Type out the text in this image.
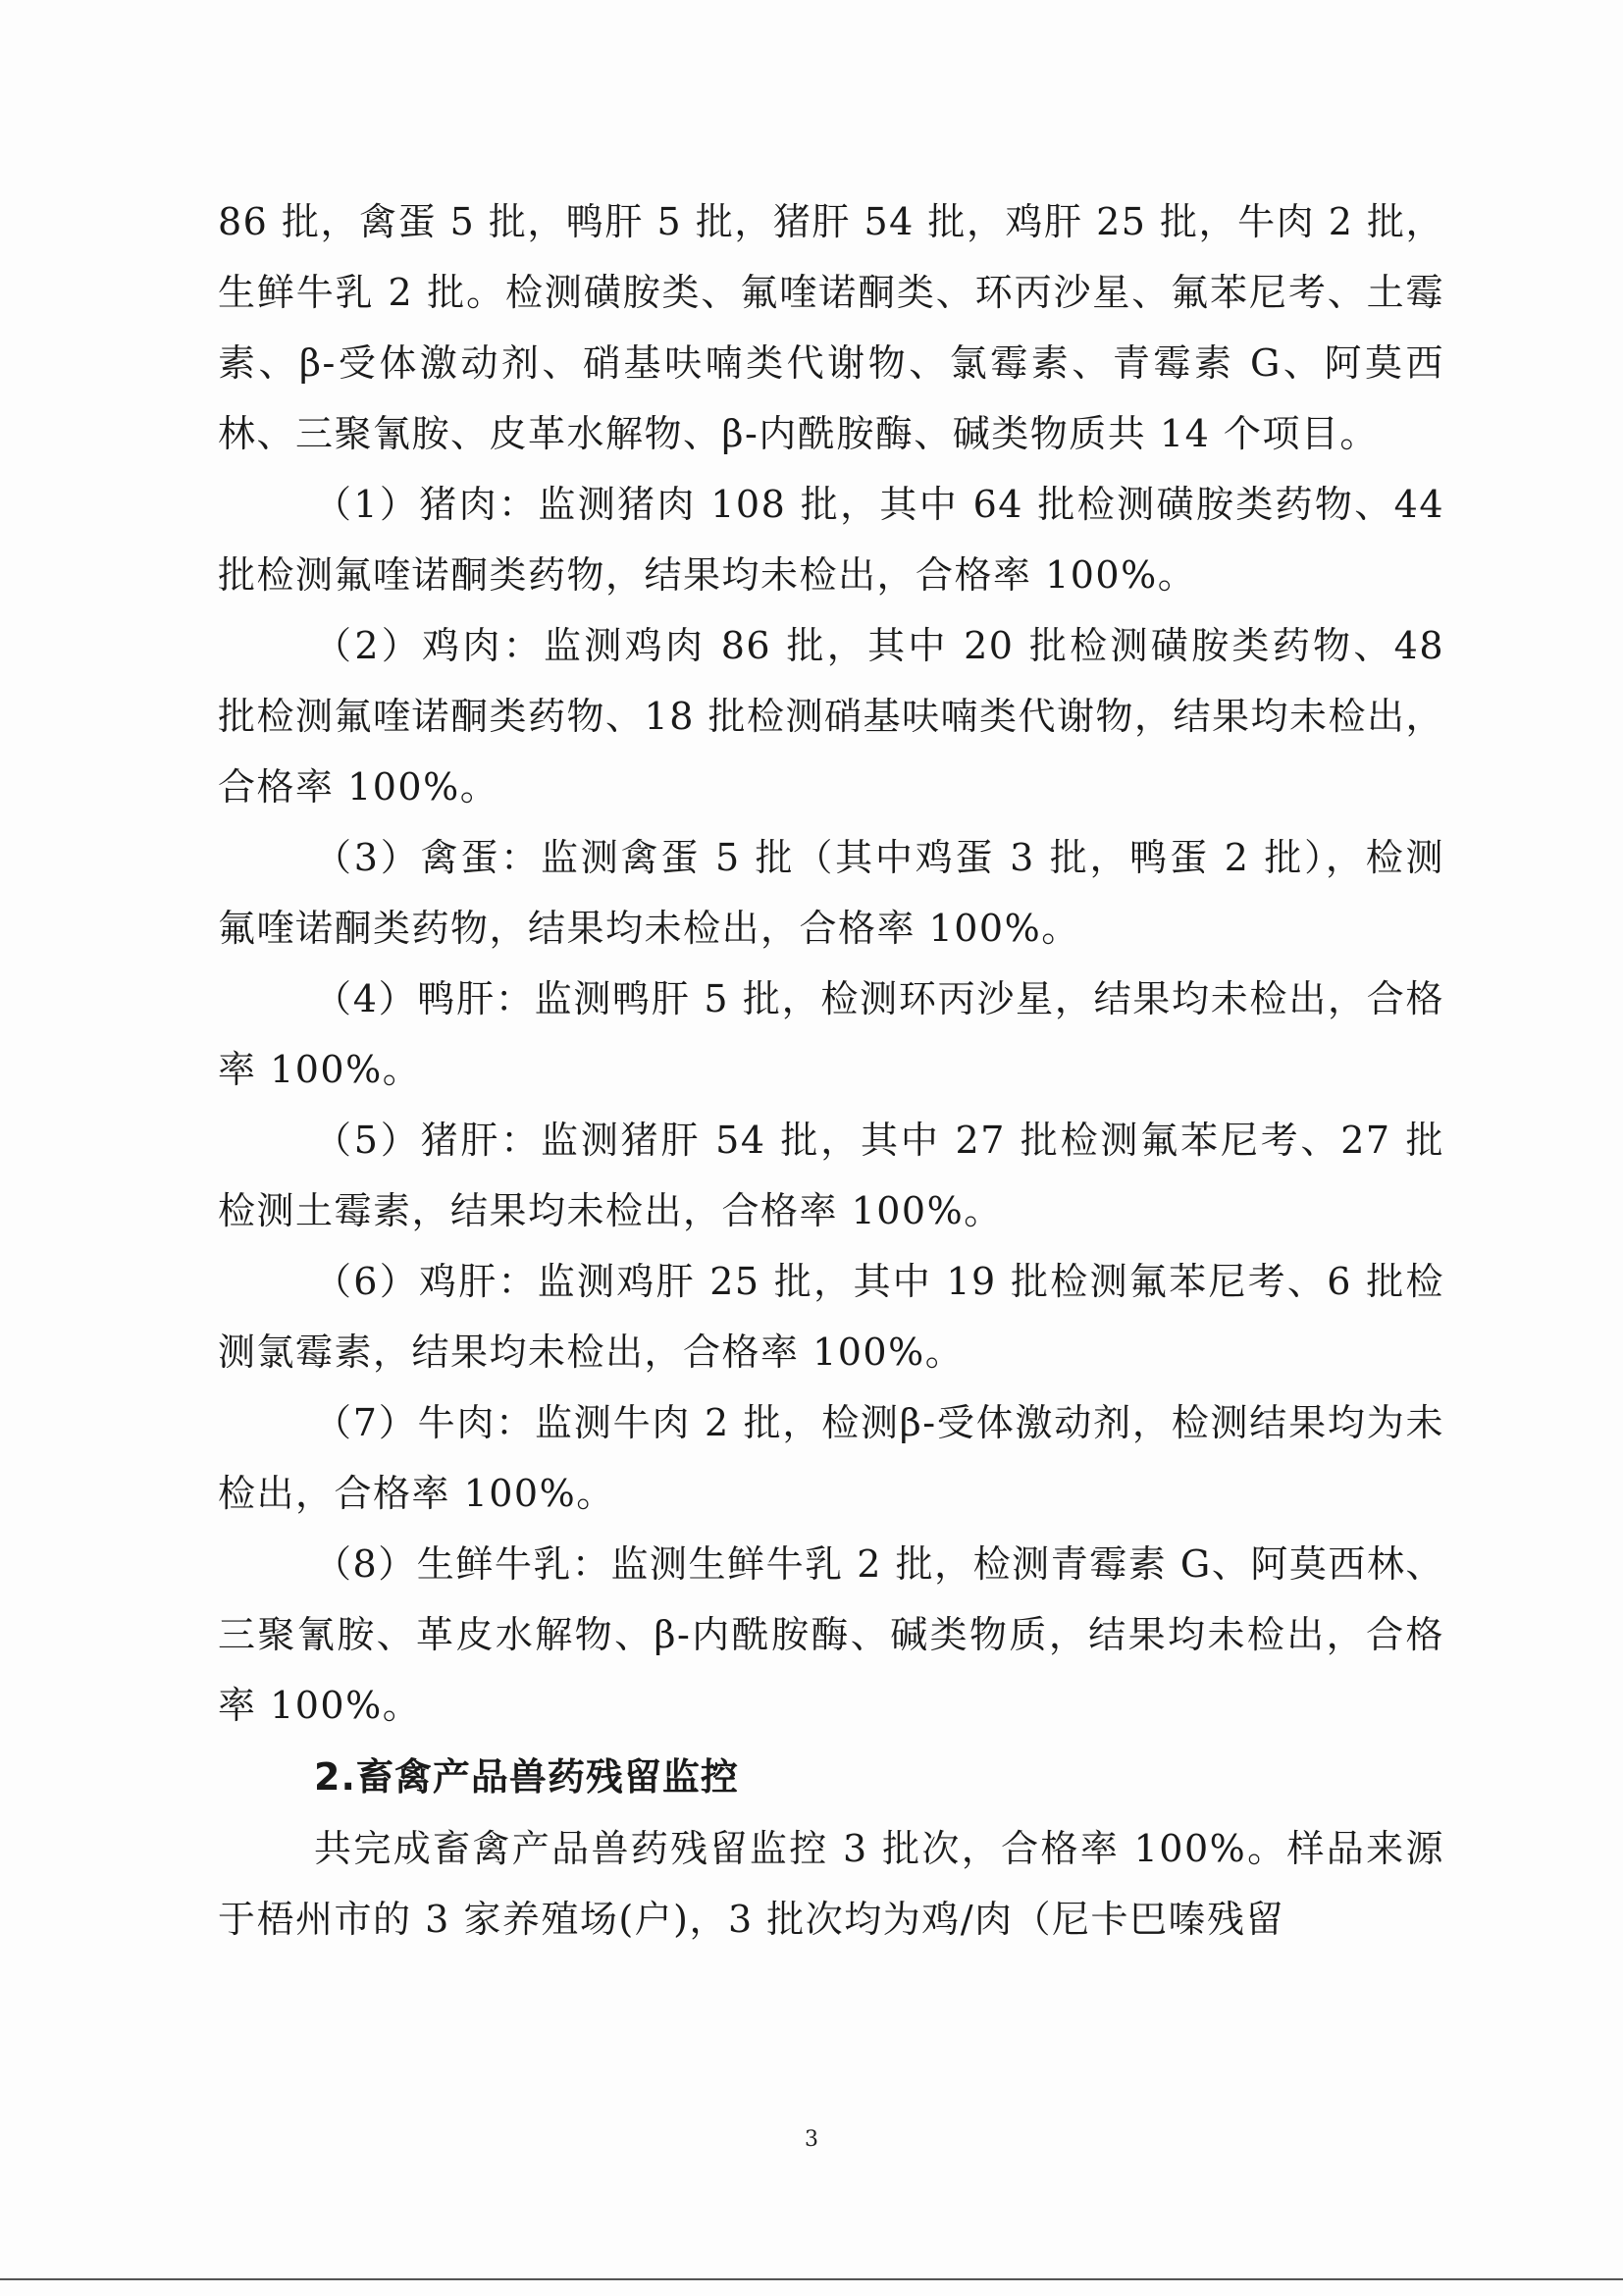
86 批，禽蛋 5 批，鸭肝 5 批，猪肝 54 批，鸡肝 25 批，牛肉 2 批，生鲜牛乳 2 批。检测磺胺类、氟喹诺酮类、环丙沙星、氟苯尼考、土霉素、β-受体激动剂、硝基呋喃类代谢物、氯霉素、青霉素 G、阿莫西林、三聚氰胺、皮革水解物、β-内酰胺酶、碱类物质共 14 个项目。

（1）猪肉：监测猪肉 108 批，其中 64 批检测磺胺类药物、44 批检测氟喹诺酮类药物，结果均未检出，合格率 100%。

（2）鸡肉：监测鸡肉 86 批，其中 20 批检测磺胺类药物、48 批检测氟喹诺酮类药物、18 批检测硝基呋喃类代谢物，结果均未检出，合格率 100%。

（3）禽蛋：监测禽蛋 5 批（其中鸡蛋 3 批，鸭蛋 2 批），检测氟喹诺酮类药物，结果均未检出，合格率 100%。

（4）鸭肝：监测鸭肝 5 批，检测环丙沙星，结果均未检出，合格率 100%。

（5）猪肝：监测猪肝 54 批，其中 27 批检测氟苯尼考、27 批检测土霉素，结果均未检出，合格率 100%。

（6）鸡肝：监测鸡肝 25 批，其中 19 批检测氟苯尼考、6 批检测氯霉素，结果均未检出，合格率 100%。

（7）牛肉：监测牛肉 2 批，检测β-受体激动剂，检测结果均为未检出，合格率 100%。

（8）生鲜牛乳：监测生鲜牛乳 2 批，检测青霉素 G、阿莫西林、三聚氰胺、革皮水解物、β-内酰胺酶、碱类物质，结果均未检出，合格率 100%。

2.畜禽产品兽药残留监控

共完成畜禽产品兽药残留监控 3 批次，合格率 100%。样品来源于梧州市的 3 家养殖场(户)，3 批次均为鸡/肉（尼卡巴嗪残留

3
